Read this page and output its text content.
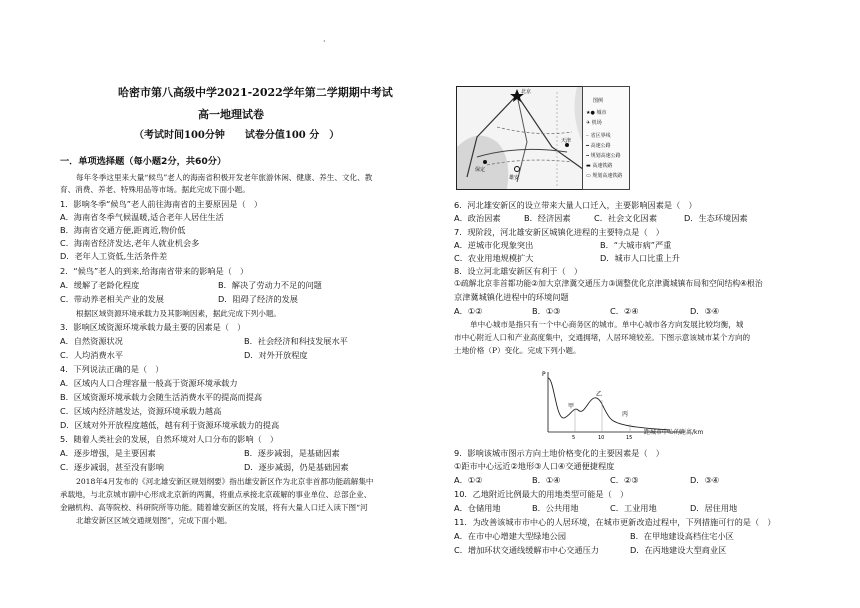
·
哈密市第八高级中学2021-2022学年第二学期期中考试
高一地理试卷
（考试时间100分钟　　试卷分值100 分　）
一．单项选择题（每小题2分，共60分）
每年冬季这里来大量“候鸟”老人的海南省积极开发老年旅游休闲、健康、养生、文化、教
育、消费、养老、特殊用品等市场。据此完成下面小题。
1．影响冬季“候鸟”老人前往海南省的主要原因是（　）
A．海南省冬季气候温暖,适合老年人居住生活
B．海南省交通方便,距离近,物价低
C．海南省经济发达,老年人就业机会多
D．老年人工资低,生活条件差
2．“候鸟”老人的到来,给海南省带来的影响是（　）
A．缓解了老龄化程度	B．解决了劳动力不足的问题
C．带动养老相关产业的发展	D．阻碍了经济的发展
根据区域资源环境承载力及其影响因素，据此完成下列小题。
3．影响区域资源环境承载力最主要的因素是（　）
A．自然资源状况	B．社会经济和科技发展水平
C．人均消费水平	D．对外开放程度
4．下列说法正确的是（　）
A．区域内人口合理容量一般高于资源环境承载力
B．区域资源环境承载力会随生活消费水平的提高而提高
C．区域内经济越发达，资源环境承载力越高
D．区域对外开放程度越低，越有利于资源环境承载力的提高
5．随着人类社会的发展，自然环境对人口分布的影响（　）
A．逐步增强，是主要因素	B．逐步减弱，是基础因素
C．逐步减弱，甚至没有影响	D．逐步减弱，仍是基础因素
2018年4月发布的《河北雄安新区规划纲要》指出雄安新区作为北京非首都功能疏解集中
承载地，与北京城市副中心形成北京新的两翼，将重点承接北京疏解的事业单位、总部企业、
金融机构、高等院校、科研院所等功能。随着雄安新区的发展，将有大量人口迁入读下图“河
北雄安新区区域交通规划图”，完成下面小题。
北京
天津
保定
雄安
图例
★● 城市
✈ 机场
┈ 省区界线
━ 高速公路
╍ 规划高速公路
▬ 高速铁路
▭ 规划高速铁路
6．河北雄安新区的设立带来大量人口迁入，主要影响因素是（　）
A．政治因素	B．经济因素	C．社会文化因素	D．生态环境因素
7．现阶段，河北雄安新区城镇化进程的主要特点是（　）
A．逆城市化现象突出	B．“大城市病”严重
C．农业用地规模扩大	D．城市人口比重上升
8．设立河北雄安新区有利于（　）
①疏解北京非首都功能②加大京津冀交通压力③调整优化京津冀城镇布局和空间结构④根治
京津冀城镇化进程中的环境问题
A．①②	B．①③	C．②④	D．③④
单中心城市是指只有一个中心商务区的城市。单中心城市各方向发展比较均衡，城
市中心附近人口和产业高度集中，交通拥堵，人居环境较差。下图示意该城市某个方向的
土地价格（P）变化。完成下列小题。
P
甲
乙
丙
5	10	15
距城市中心的距离/km
9．影响该城市图示方向土地价格变化的主要因素是（　）
①距市中心远近②地形③人口④交通便捷程度
A．①②	B．①④	C．②③	D．③④
10．乙地附近比例最大的用地类型可能是（　）
A．仓储用地	B．公共用地	C．工业用地	D．居住用地
11．为改善该城市市中心的人居环境，在城市更新改造过程中，下列措施可行的是（　）
A．在市中心增建大型绿地公园	B．在甲地建设高档住宅小区
C．增加环状交通线缓解市中心交通压力	D．在丙地建设大型商业区
